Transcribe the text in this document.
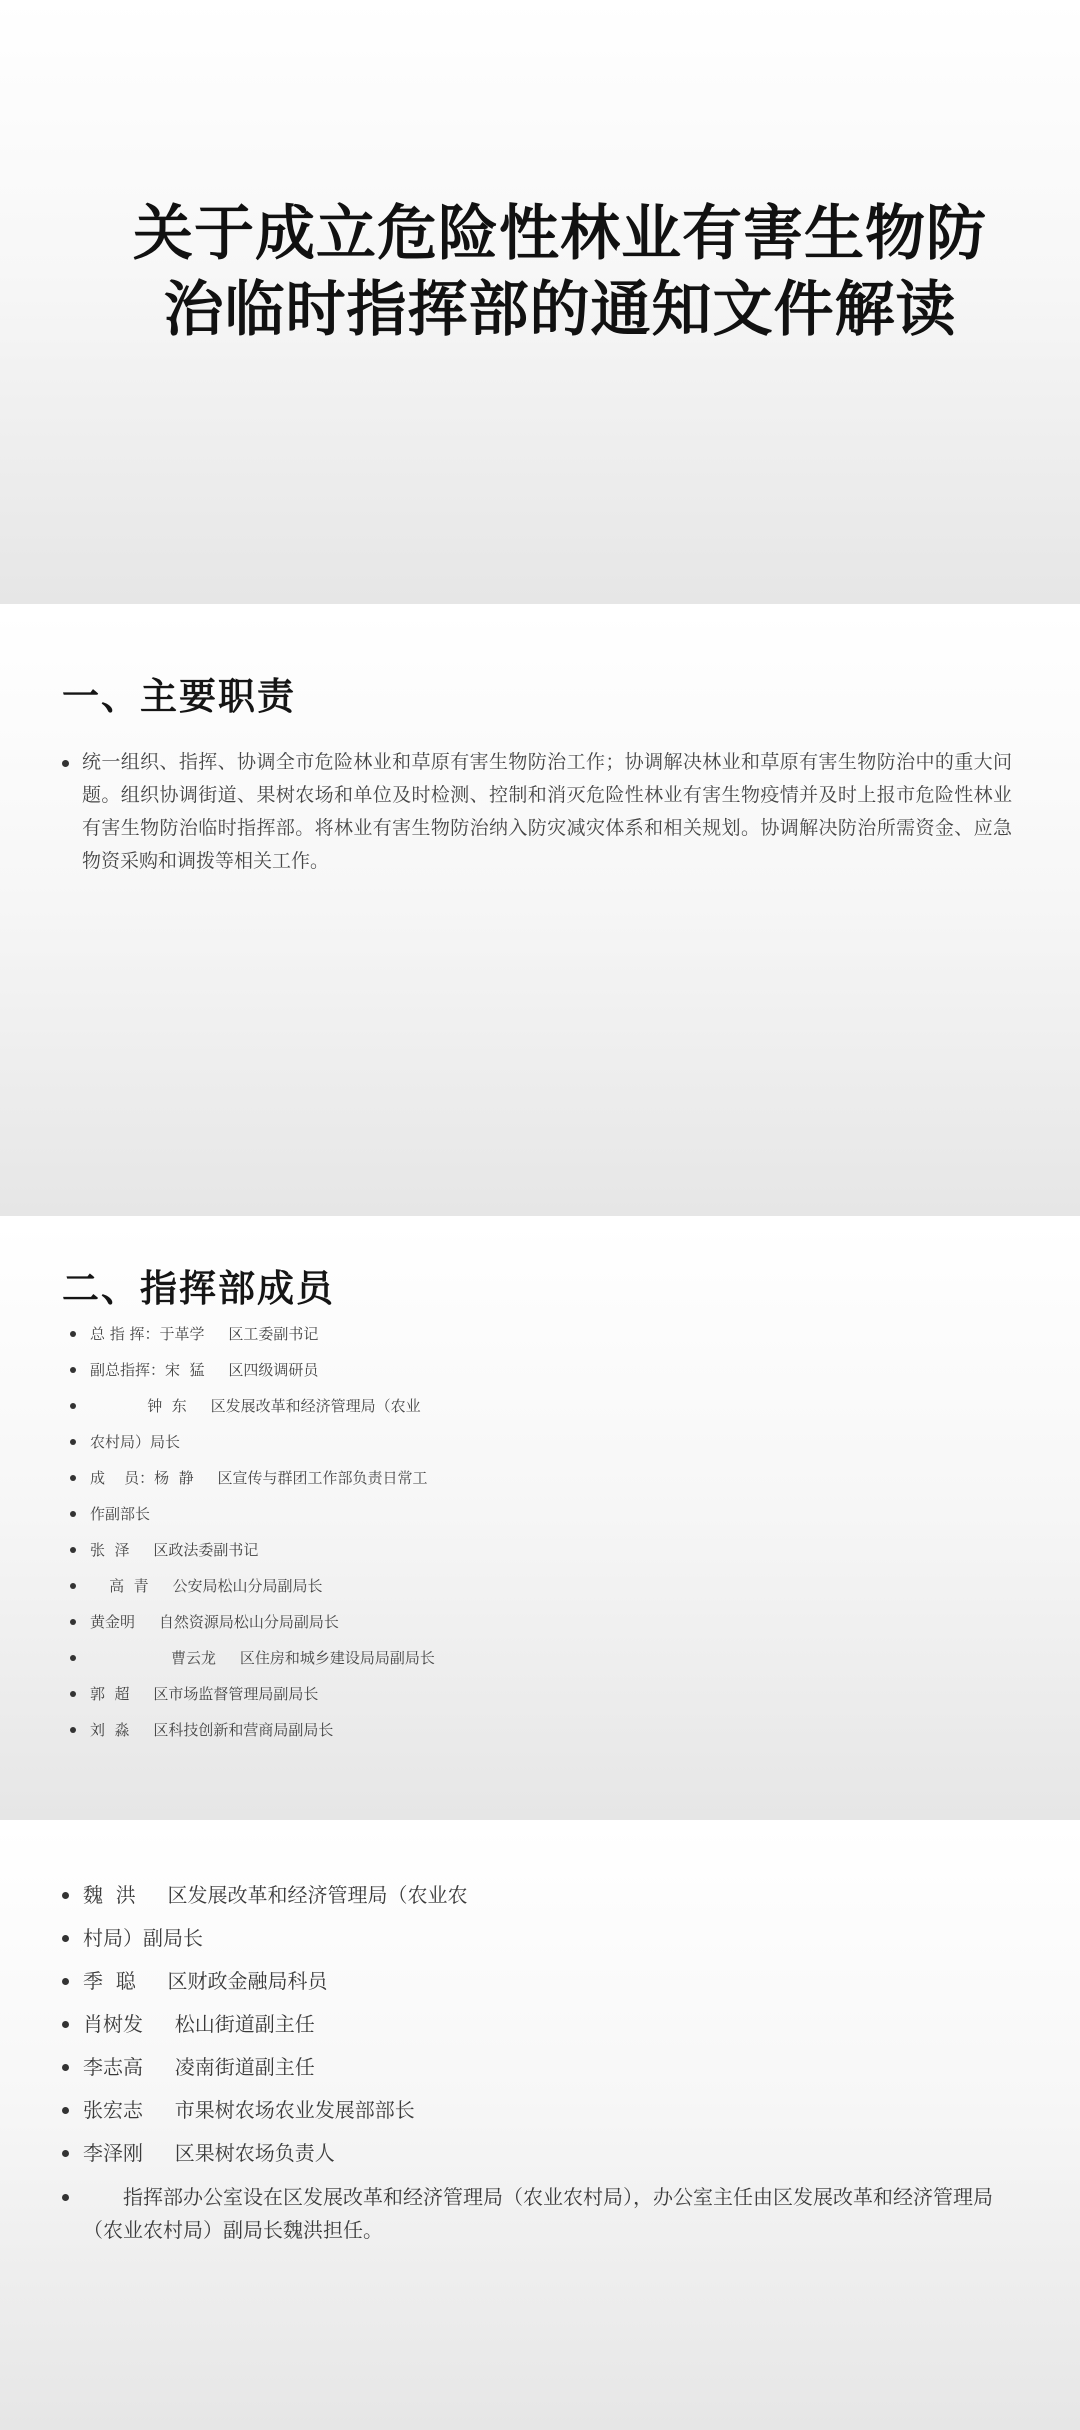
关于成立危险性林业有害生物防治临时指挥部的通知文件解读
一、主要职责
统一组织、指挥、协调全市危险林业和草原有害生物防治工作；协调解决林业和草原有害生物防治中的重大问题。组织协调街道、果树农场和单位及时检测、控制和消灭危险性林业有害生物疫情并及时上报市危险性林业有害生物防治临时指挥部。将林业有害生物防治纳入防灾减灾体系和相关规划。协调解决防治所需资金、应急物资采购和调拨等相关工作。
二、指挥部成员
总 指 挥：于革学     区工委副书记
副总指挥：宋  猛     区四级调研员
钟  东     区发展改革和经济管理局（农业
农村局）局长
成    员：杨  静     区宣传与群团工作部负责日常工
作副部长
张  泽     区政法委副书记
高  青     公安局松山分局副局长
黄金明     自然资源局松山分局副局长
曹云龙     区住房和城乡建设局局副局长
郭  超     区市场监督管理局副局长
刘  淼     区科技创新和营商局副局长
魏  洪     区发展改革和经济管理局（农业农
村局）副局长
季  聪     区财政金融局科员
肖树发     松山街道副主任
李志高     凌南街道副主任
张宏志     市果树农场农业发展部部长
李泽刚     区果树农场负责人
　　指挥部办公室设在区发展改革和经济管理局（农业农村局），办公室主任由区发展改革和经济管理局（农业农村局）副局长魏洪担任。
